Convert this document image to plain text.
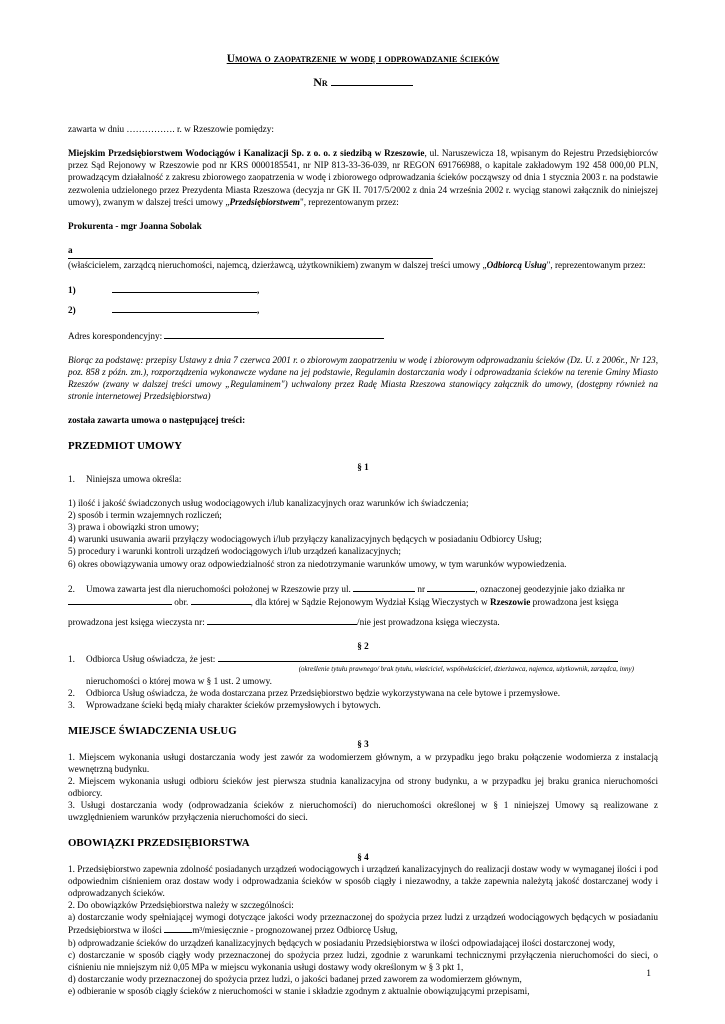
Umowa o zaopatrzenie w wodę i odprowadzanie ścieków
Nr

zawarta w dniu ……………. r. w Rzeszowie pomiędzy:

Miejskim Przedsiębiorstwem Wodociągów i Kanalizacji Sp. z o. o. z siedzibą w Rzeszowie, ul. Naruszewicza 18, wpisanym do Rejestru Przedsiębiorców przez Sąd Rejonowy w Rzeszowie pod nr KRS 0000185541, nr NIP 813-33-36-039, nr REGON 691766988, o kapitale zakładowym 192 458 000,00 PLN, prowadzącym działalność z zakresu zbiorowego zaopatrzenia w wodę i zbiorowego odprowadzania ścieków począwszy od dnia 1 stycznia 2003 r. na podstawie zezwolenia udzielonego przez Prezydenta Miasta Rzeszowa (decyzja nr GK II. 7017/5/2002 z dnia 24 września 2002 r. wyciąg stanowi załącznik do niniejszej umowy), zwanym w dalszej treści umowy „Przedsiębiorstwem", reprezentowanym przez:

Prokurenta - mgr Joanna Sobolak

a

(właścicielem, zarządcą nieruchomości, najemcą, dzierżawcą, użytkownikiem) zwanym w dalszej treści umowy „Odbiorcą Usług", reprezentowanym przez:

1)	,

2)	,

Adres korespondencyjny:

Biorąc za podstawę: przepisy Ustawy z dnia 7 czerwca 2001 r. o zbiorowym zaopatrzeniu w wodę i zbiorowym odprowadzaniu ścieków (Dz. U. z 2006r., Nr 123, poz. 858 z późn. zm.), rozporządzenia wykonawcze wydane na jej podstawie, Regulamin dostarczania wody i odprowadzania ścieków na terenie Gminy Miasto Rzeszów (zwany w dalszej treści umowy „Regulaminem") uchwalony przez Radę Miasta Rzeszowa stanowiący załącznik do umowy, (dostępny również na stronie internetowej Przedsiębiorstwa)

została zawarta umowa o następującej treści:

PRZEDMIOT UMOWY
§ 1

1. Niniejsza umowa określa:

1) ilość i jakość świadczonych usług wodociągowych i/lub kanalizacyjnych oraz warunków ich świadczenia;

2) sposób i termin wzajemnych rozliczeń;

3) prawa i obowiązki stron umowy;

4) warunki usuwania awarii przyłączy wodociągowych i/lub przyłączy kanalizacyjnych będących w posiadaniu Odbiorcy Usług;

5) procedury i warunki kontroli urządzeń wodociągowych i/lub urządzeń kanalizacyjnych;

6) okres obowiązywania umowy oraz odpowiedzialność stron za niedotrzymanie warunków umowy, w tym warunków wypowiedzenia.

2. Umowa zawarta jest dla nieruchomości położonej w Rzeszowie przy ul.	nr	, oznaczonej geodezyjnie jako działka nr
obr.	, dla której w Sądzie Rejonowym Wydział Ksiąg Wieczystych w Rzeszowie prowadzona jest księga

prowadzona jest księga wieczysta nr:	/nie jest prowadzona księga wieczysta.

§ 2

1. Odbiorca Usług oświadcza, że jest:

(określenie tytułu prawnego/ brak tytułu, właściciel, współwłaściciel, dzierżawca, najemca, użytkownik, zarządca, inny)

nieruchomości o której mowa w § 1 ust. 2 umowy.

2. Odbiorca Usług oświadcza, że woda dostarczana przez Przedsiębiorstwo będzie wykorzystywana na cele bytowe i przemysłowe.

3. Wprowadzane ścieki będą miały charakter ścieków przemysłowych i bytowych.

MIEJSCE ŚWIADCZENIA USŁUG
§ 3

1. Miejscem wykonania usługi dostarczania wody jest zawór za wodomierzem głównym, a w przypadku jego braku połączenie wodomierza z instalacją wewnętrzną budynku.

2. Miejscem wykonania usługi odbioru ścieków jest pierwsza studnia kanalizacyjna od strony budynku, a w przypadku jej braku granica nieruchomości odbiorcy.

3. Usługi dostarczania wody (odprowadzania ścieków z nieruchomości) do nieruchomości określonej w § 1 niniejszej Umowy są realizowane z uwzględnieniem warunków przyłączenia nieruchomości do sieci.

OBOWIĄZKI PRZEDSIĘBIORSTWA
§ 4

1. Przedsiębiorstwo zapewnia zdolność posiadanych urządzeń wodociągowych i urządzeń kanalizacyjnych do realizacji dostaw wody w wymaganej ilości i pod odpowiednim ciśnieniem oraz dostaw wody i odprowadzania ścieków w sposób ciągły i niezawodny, a także zapewnia należytą jakość dostarczanej wody i odprowadzanych ścieków.

2. Do obowiązków Przedsiębiorstwa należy w szczególności:

a) dostarczanie wody spełniającej wymogi dotyczące jakości wody przeznaczonej do spożycia przez ludzi z urządzeń wodociągowych będących w posiadaniu Przedsiębiorstwa w ilości	m³/miesięcznie - prognozowanej przez Odbiorcę Usług,

b) odprowadzanie ścieków do urządzeń kanalizacyjnych będących w posiadaniu Przedsiębiorstwa w ilości odpowiadającej ilości dostarczonej wody,

c) dostarczanie w sposób ciągły wody przeznaczonej do spożycia przez ludzi, zgodnie z warunkami technicznymi przyłączenia nieruchomości do sieci, o ciśnieniu nie mniejszym niż 0,05 MPa w miejscu wykonania usługi dostawy wody określonym w § 3 pkt 1,

d) dostarczanie wody przeznaczonej do spożycia przez ludzi, o jakości badanej przed zaworem za wodomierzem głównym,

e) odbieranie w sposób ciągły ścieków z nieruchomości w stanie i składzie zgodnym z aktualnie obowiązującymi przepisami,

1
